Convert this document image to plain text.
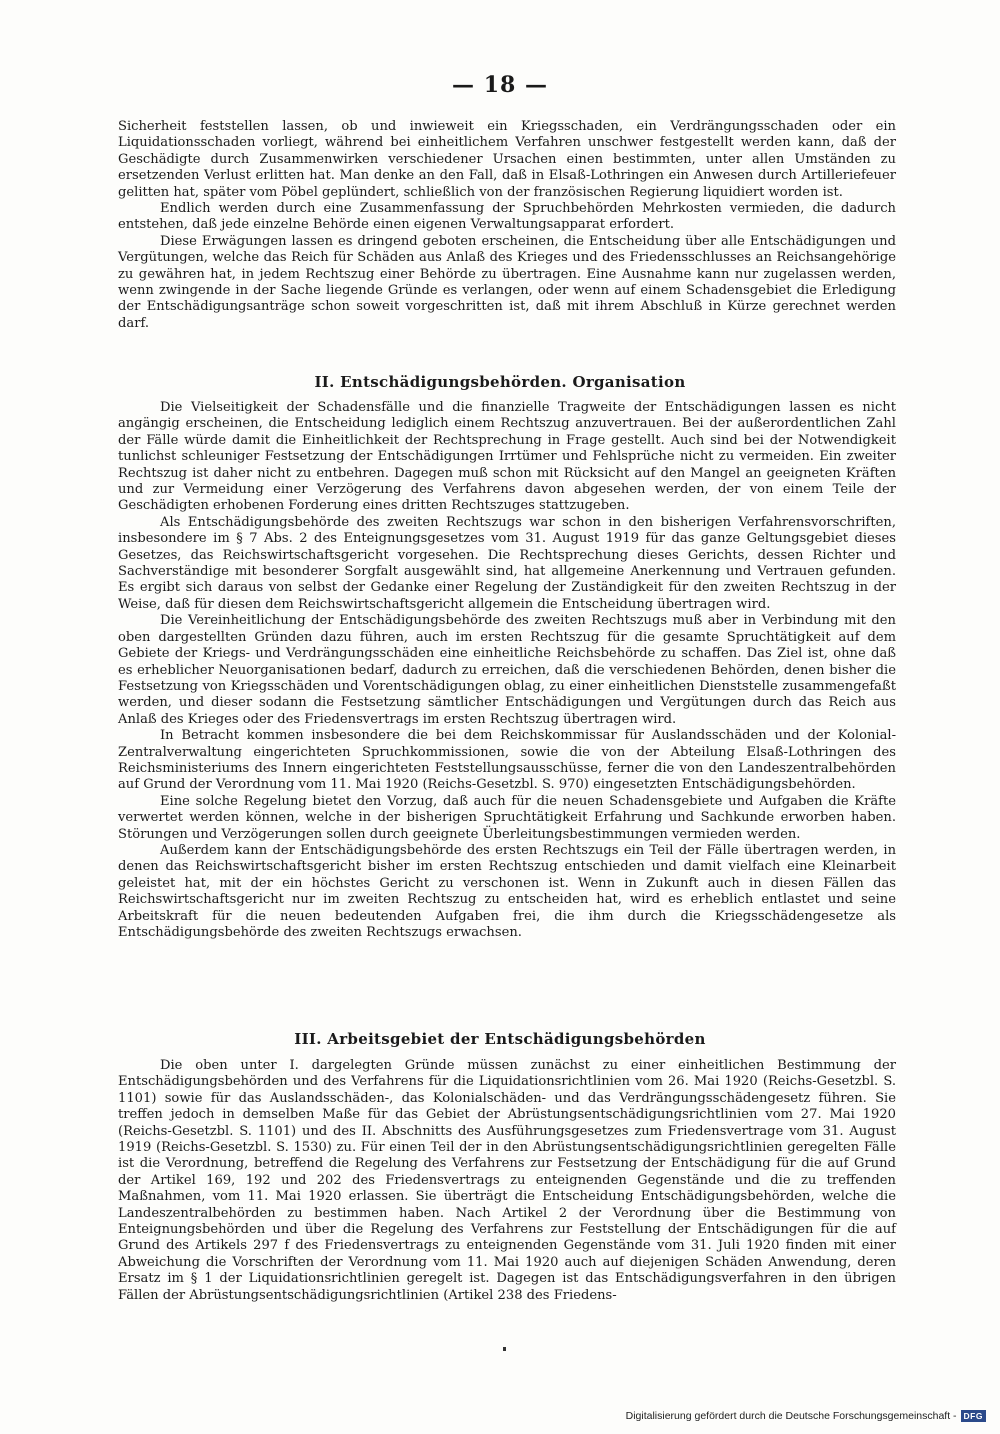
— 18 —

Sicherheit feststellen lassen, ob und inwieweit ein Kriegsschaden, ein Verdrängungsschaden oder ein Liquidationsschaden vorliegt, während bei einheitlichem Verfahren unschwer festgestellt werden kann, daß der Geschädigte durch Zusammenwirken verschiedener Ursachen einen bestimmten, unter allen Umständen zu ersetzenden Verlust erlitten hat. Man denke an den Fall, daß in Elsaß-Lothringen ein Anwesen durch Artilleriefeuer gelitten hat, später vom Pöbel geplündert, schließlich von der französischen Regierung liquidiert worden ist.

Endlich werden durch eine Zusammenfassung der Spruchbehörden Mehrkosten vermieden, die dadurch entstehen, daß jede einzelne Behörde einen eigenen Verwaltungsapparat erfordert.

Diese Erwägungen lassen es dringend geboten erscheinen, die Entscheidung über alle Entschädigungen und Vergütungen, welche das Reich für Schäden aus Anlaß des Krieges und des Friedensschlusses an Reichsangehörige zu gewähren hat, in jedem Rechtszug einer Behörde zu übertragen. Eine Ausnahme kann nur zugelassen werden, wenn zwingende in der Sache liegende Gründe es verlangen, oder wenn auf einem Schadensgebiet die Erledigung der Entschädigungsanträge schon soweit vorgeschritten ist, daß mit ihrem Abschluß in Kürze gerechnet werden darf.

II. Entschädigungsbehörden. Organisation

Die Vielseitigkeit der Schadensfälle und die finanzielle Tragweite der Entschädigungen lassen es nicht angängig erscheinen, die Entscheidung lediglich einem Rechtszug anzuvertrauen. Bei der außerordentlichen Zahl der Fälle würde damit die Einheitlichkeit der Rechtsprechung in Frage gestellt. Auch sind bei der Notwendigkeit tunlichst schleuniger Festsetzung der Entschädigungen Irrtümer und Fehlsprüche nicht zu vermeiden. Ein zweiter Rechtszug ist daher nicht zu entbehren. Dagegen muß schon mit Rücksicht auf den Mangel an geeigneten Kräften und zur Vermeidung einer Verzögerung des Verfahrens davon abgesehen werden, der von einem Teile der Geschädigten erhobenen Forderung eines dritten Rechtszuges stattzugeben.

Als Entschädigungsbehörde des zweiten Rechtszugs war schon in den bisherigen Verfahrensvorschriften, insbesondere im § 7 Abs. 2 des Enteignungsgesetzes vom 31. August 1919 für das ganze Geltungsgebiet dieses Gesetzes, das Reichswirtschaftsgericht vorgesehen. Die Rechtsprechung dieses Gerichts, dessen Richter und Sachverständige mit besonderer Sorgfalt ausgewählt sind, hat allgemeine Anerkennung und Vertrauen gefunden. Es ergibt sich daraus von selbst der Gedanke einer Regelung der Zuständigkeit für den zweiten Rechtszug in der Weise, daß für diesen dem Reichswirtschaftsgericht allgemein die Entscheidung übertragen wird.

Die Vereinheitlichung der Entschädigungsbehörde des zweiten Rechtszugs muß aber in Verbindung mit den oben dargestellten Gründen dazu führen, auch im ersten Rechtszug für die gesamte Spruchtätigkeit auf dem Gebiete der Kriegs- und Verdrängungsschäden eine einheitliche Reichsbehörde zu schaffen. Das Ziel ist, ohne daß es erheblicher Neuorganisationen bedarf, dadurch zu erreichen, daß die verschiedenen Behörden, denen bisher die Festsetzung von Kriegsschäden und Vorentschädigungen oblag, zu einer einheitlichen Dienststelle zusammengefaßt werden, und dieser sodann die Festsetzung sämtlicher Entschädigungen und Vergütungen durch das Reich aus Anlaß des Krieges oder des Friedensvertrags im ersten Rechtszug übertragen wird.

In Betracht kommen insbesondere die bei dem Reichskommissar für Auslandsschäden und der Kolonial-Zentralverwaltung eingerichteten Spruchkommissionen, sowie die von der Abteilung Elsaß-Lothringen des Reichsministeriums des Innern eingerichteten Feststellungsausschüsse, ferner die von den Landeszentralbehörden auf Grund der Verordnung vom 11. Mai 1920 (Reichs-Gesetzbl. S. 970) eingesetzten Entschädigungsbehörden.

Eine solche Regelung bietet den Vorzug, daß auch für die neuen Schadensgebiete und Aufgaben die Kräfte verwertet werden können, welche in der bisherigen Spruchtätigkeit Erfahrung und Sachkunde erworben haben. Störungen und Verzögerungen sollen durch geeignete Überleitungsbestimmungen vermieden werden.

Außerdem kann der Entschädigungsbehörde des ersten Rechtszugs ein Teil der Fälle übertragen werden, in denen das Reichswirtschaftsgericht bisher im ersten Rechtszug entschieden und damit vielfach eine Kleinarbeit geleistet hat, mit der ein höchstes Gericht zu verschonen ist. Wenn in Zukunft auch in diesen Fällen das Reichswirtschaftsgericht nur im zweiten Rechtszug zu entscheiden hat, wird es erheblich entlastet und seine Arbeitskraft für die neuen bedeutenden Aufgaben frei, die ihm durch die Kriegsschädengesetze als Entschädigungsbehörde des zweiten Rechtszugs erwachsen.

III. Arbeitsgebiet der Entschädigungsbehörden

Die oben unter I. dargelegten Gründe müssen zunächst zu einer einheitlichen Bestimmung der Entschädigungsbehörden und des Verfahrens für die Liquidationsrichtlinien vom 26. Mai 1920 (Reichs-Gesetzbl. S. 1101) sowie für das Auslandsschäden-, das Kolonialschäden- und das Verdrängungsschädengesetz führen. Sie treffen jedoch in demselben Maße für das Gebiet der Abrüstungsentschädigungsrichtlinien vom 27. Mai 1920 (Reichs-Gesetzbl. S. 1101) und des II. Abschnitts des Ausführungsgesetzes zum Friedensvertrage vom 31. August 1919 (Reichs-Gesetzbl. S. 1530) zu. Für einen Teil der in den Abrüstungsentschädigungsrichtlinien geregelten Fälle ist die Verordnung, betreffend die Regelung des Verfahrens zur Festsetzung der Entschädigung für die auf Grund der Artikel 169, 192 und 202 des Friedensvertrags zu enteignenden Gegenstände und die zu treffenden Maßnahmen, vom 11. Mai 1920 erlassen. Sie überträgt die Entscheidung Entschädigungsbehörden, welche die Landeszentralbehörden zu bestimmen haben. Nach Artikel 2 der Verordnung über die Bestimmung von Enteignungsbehörden und über die Regelung des Verfahrens zur Feststellung der Entschädigungen für die auf Grund des Artikels 297 f des Friedensvertrags zu enteignenden Gegenstände vom 31. Juli 1920 finden mit einer Abweichung die Vorschriften der Verordnung vom 11. Mai 1920 auch auf diejenigen Schäden Anwendung, deren Ersatz im § 1 der Liquidationsrichtlinien geregelt ist. Dagegen ist das Entschädigungsverfahren in den übrigen Fällen der Abrüstungsentschädigungsrichtlinien (Artikel 238 des Friedens-

Digitalisierung gefördert durch die Deutsche Forschungsgemeinschaft - DFG
